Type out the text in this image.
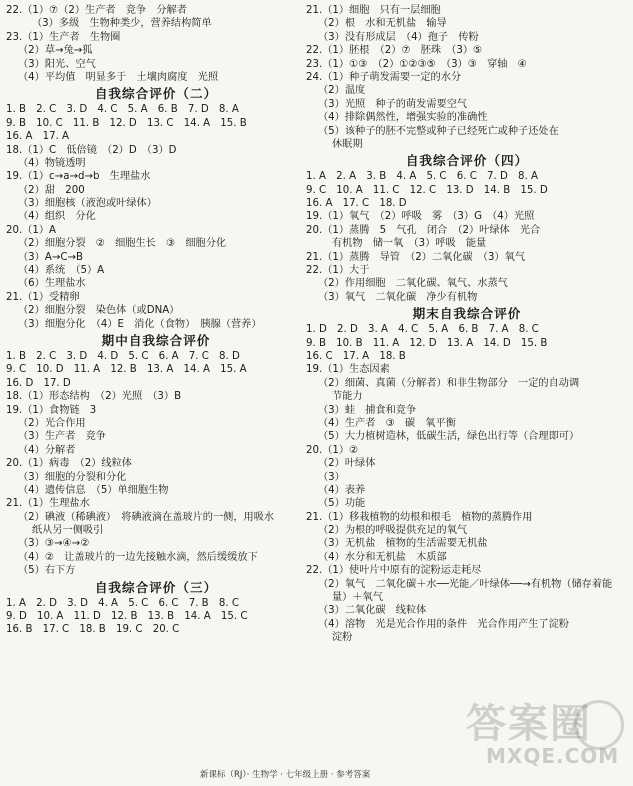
22.（1）⑦（2）生产者　竞争　分解者
（3）多级　生物种类少，营养结构简单
23.（1）生产者　生物圈
（2）草→兔→狐
（3）阳光、空气
（4）平均值　明显多于　土壤肉腐度　光照
自我综合评价（二）
1. B　2. C　3. D　4. C　5. A　6. B　7. D　8. A
9. B　10. C　11. B　12. D　13. C　14. A　15. B
16. A　17. A
18.（1）C　低倍镜　（2）D　（3）D
（4）物镜透明
19.（1）c→a→d→b　生理盐水
（2）甜　200
（3）细胞核（液泡或叶绿体）
（4）组织　分化
20.（1）A
（2）细胞分裂　②　细胞生长　③　细胞分化
（3）A→C→B
（4）系统　（5）A
（6）生理盐水
21.（1）受精卵
（2）细胞分裂　染色体（或DNA）
（3）细胞分化　（4）E　消化（食物）　胰腺（营养）
期中自我综合评价
1. B　2. C　3. D　4. D　5. C　6. A　7. C　8. D
9. C　10. D　11. A　12. B　13. A　14. A　15. A
16. D　17. D
18.（1）形态结构　（2）光照　（3）B
19.（1）食物链　3
（2）光合作用
（3）生产者　竞争
（4）分解者
20.（1）病毒　（2）线粒体
（3）细胞的分裂和分化
（4）遗传信息　（5）单细胞生物
21.（1）生理盐水
（2）碘液（稀碘液）　将碘液滴在盖玻片的一侧，用吸水
纸从另一侧吸引
（3）③→④→②
（4）②　让盖玻片的一边先接触水滴，然后缓缓放下
（5）右下方
自我综合评价（三）
1. A　2. D　3. D　4. A　5. C　6. C　7. B　8. C
9. D　10. A　11. D　12. B　13. B　14. A　15. C
16. B　17. C　18. B　19. C　20. C
21.（1）细胞　只有一层细胞
（2）根　水和无机盐　输导
（3）没有形成层　（4）孢子　传粉
22.（1）胚根　（2）⑦　胚珠　（3）⑤
23.（1）①③　（2）①②③⑤　（3）③　穿轴　④
24.（1）种子萌发需要一定的水分
（2）温度
（3）光照　种子的萌发需要空气
（4）排除偶然性，增强实验的准确性
（5）该种子的胚不完整或种子已经死亡或种子还处在
休眠期
自我综合评价（四）
1. A　2. A　3. B　4. A　5. C　6. C　7. D　8. A
9. C　10. A　11. C　12. C　13. D　14. B　15. D
16. A　17. C　18. D
19.（1）氧气　（2）呼吸　雾　（3）G　（4）光照
20.（1）蒸腾　5　气孔　闭合　（2）叶绿体　光合
有机物　储一氧　（3）呼吸　能量
21.（1）蒸腾　导管　（2）二氧化碳　（3）氧气
22.（1）大于
（2）作用细胞　二氧化碳、氧气、水蒸气
（3）氧气　二氧化碳　净少有机物
期末自我综合评价
1. D　2. D　3. A　4. C　5. A　6. B　7. A　8. C
9. B　10. B　11. A　12. D　13. A　14. D　15. B
16. C　17. A　18. B
19.（1）生态因素
（2）细菌、真菌（分解者）和非生物部分　一定的自动调
节能力
（3）蛙　捕食和竞争
（4）生产者　③　碳　氧平衡
（5）大力植树造林，低碳生活，绿色出行等（合理即可）
20.（1）②
（2）叶绿体
（3）
（4）表养
（5）功能
21.（1）移栽植物的幼根和根毛　植物的蒸腾作用
（2）为根的呼吸提供充足的氧气
（3）无机盐　植物的生活需要无机盐
（4）水分和无机盐　木质部
22.（1）使叶片中原有的淀粉运走耗尽
（2）氧气　二氧化碳＋水──光能／叶绿体──→有机物（储存着能
量）＋氧气
（3）二氧化碳　线粒体
（4）溶物　光是光合作用的条件　光合作用产生了淀粉
淀粉
新课标（RJ）· 生物学 · 七年级上册 · 参考答案
答案圈
MXQE.COM
